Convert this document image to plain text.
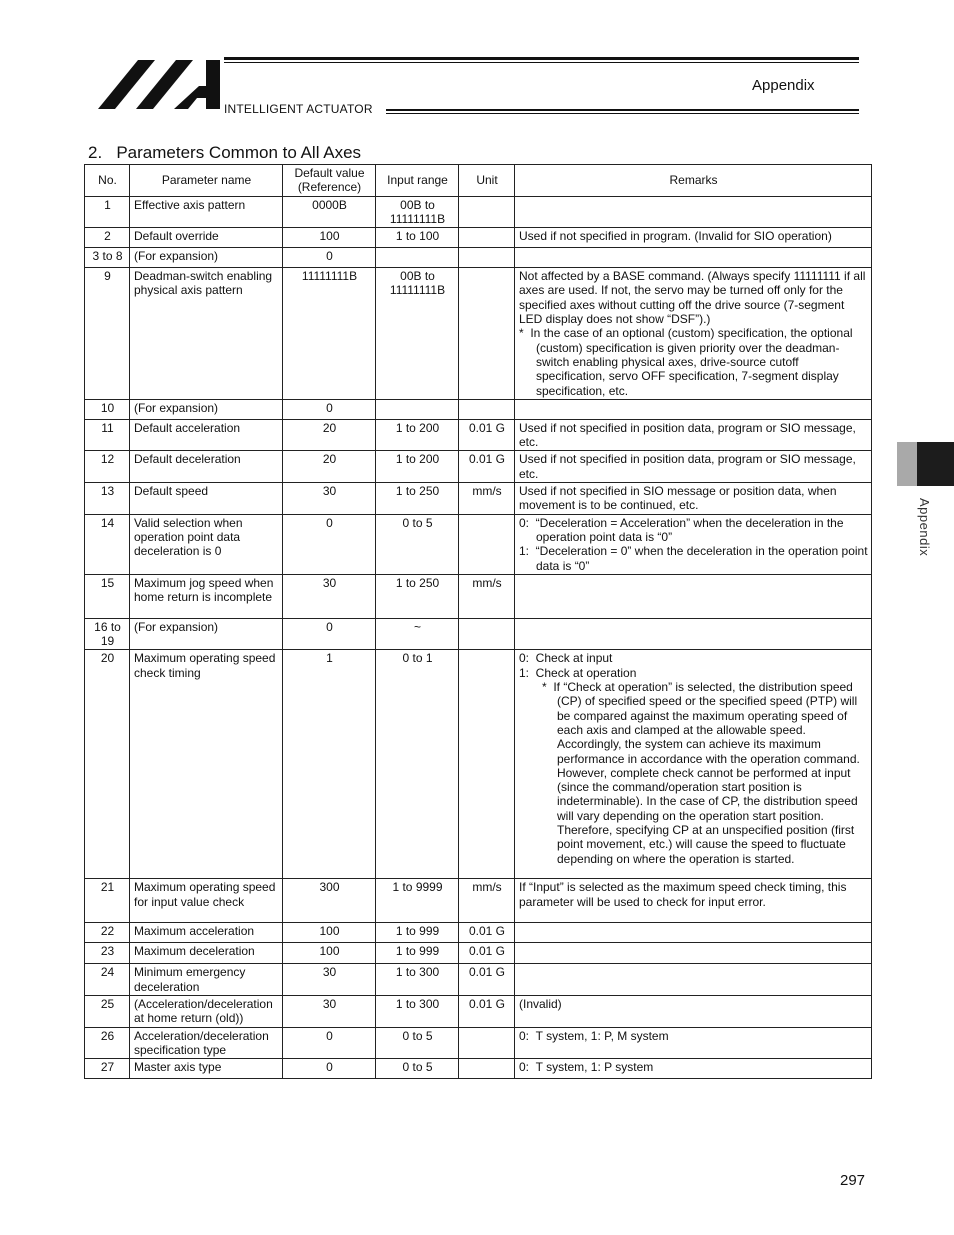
INTELLIGENT ACTUATOR
Appendix
Appendix
2.   Parameters Common to All Axes
No.	Parameter name	Default value (Reference)	Input range	Unit	Remarks
1	Effective axis pattern	0000B	00B to 11111111B		
2	Default override	100	1 to 100		Used if not specified in program. (Invalid for SIO operation)

3 to 8	(For expansion)	0			
9	Deadman-switch enabling physical axis pattern	11111111B	00B to 11111111B		Not affected by a BASE command. (Always specify 11111111 if all axes are used. If not, the servo may be turned off only for the specified axes without cutting off the drive source (7-segment LED display does not show “DSF”).)
*  In the case of an optional (custom) specification, the optional (custom) specification is given priority over the deadman-switch enabling physical axes, drive-source cutoff specification, servo OFF specification, 7-segment display specification, etc.

10	(For expansion)	0			
11	Default acceleration	20	1 to 200	0.01 G	Used if not specified in position data, program or SIO message, etc.

12	Default deceleration	20	1 to 200	0.01 G	Used if not specified in position data, program or SIO message, etc.

13	Default speed	30	1 to 250	mm/s	Used if not specified in SIO message or position data, when movement is to be continued, etc.

14	Valid selection when operation point data deceleration is 0	0	0 to 5		0:  “Deceleration = Acceleration” when the deceleration in the operation point data is “0”
1:  “Deceleration = 0” when the deceleration in the operation point data is “0”

15	Maximum jog speed when home return is incomplete	30	1 to 250	mm/s	
16 to 19	(For expansion)	0	~		
20	Maximum operating speed check timing	1	0 to 1		0:  Check at input
1:  Check at operation
*  If “Check at operation” is selected, the distribution speed (CP) of specified speed or the specified speed (PTP) will be compared against the maximum operating speed of each axis and clamped at the allowable speed. Accordingly, the system can achieve its maximum performance in accordance with the operation command. However, complete check cannot be performed at input (since the command/operation start position is indeterminable). In the case of CP, the distribution speed will vary depending on the operation start position. Therefore, specifying CP at an unspecified position (first point movement, etc.) will cause the speed to fluctuate depending on where the operation is started.

21	Maximum operating speed for input value check	300	1 to 9999	mm/s	If “Input” is selected as the maximum speed check timing, this parameter will be used to check for input error.

22	Maximum acceleration	100	1 to 999	0.01 G	
23	Maximum deceleration	100	1 to 999	0.01 G	
24	Minimum emergency deceleration	30	1 to 300	0.01 G	
25	(Acceleration/deceleration at home return (old))	30	1 to 300	0.01 G	(Invalid)

26	Acceleration/deceleration specification type	0	0 to 5		0:  T system, 1: P, M system

27	Master axis type	0	0 to 5		0:  T system, 1: P system
297
